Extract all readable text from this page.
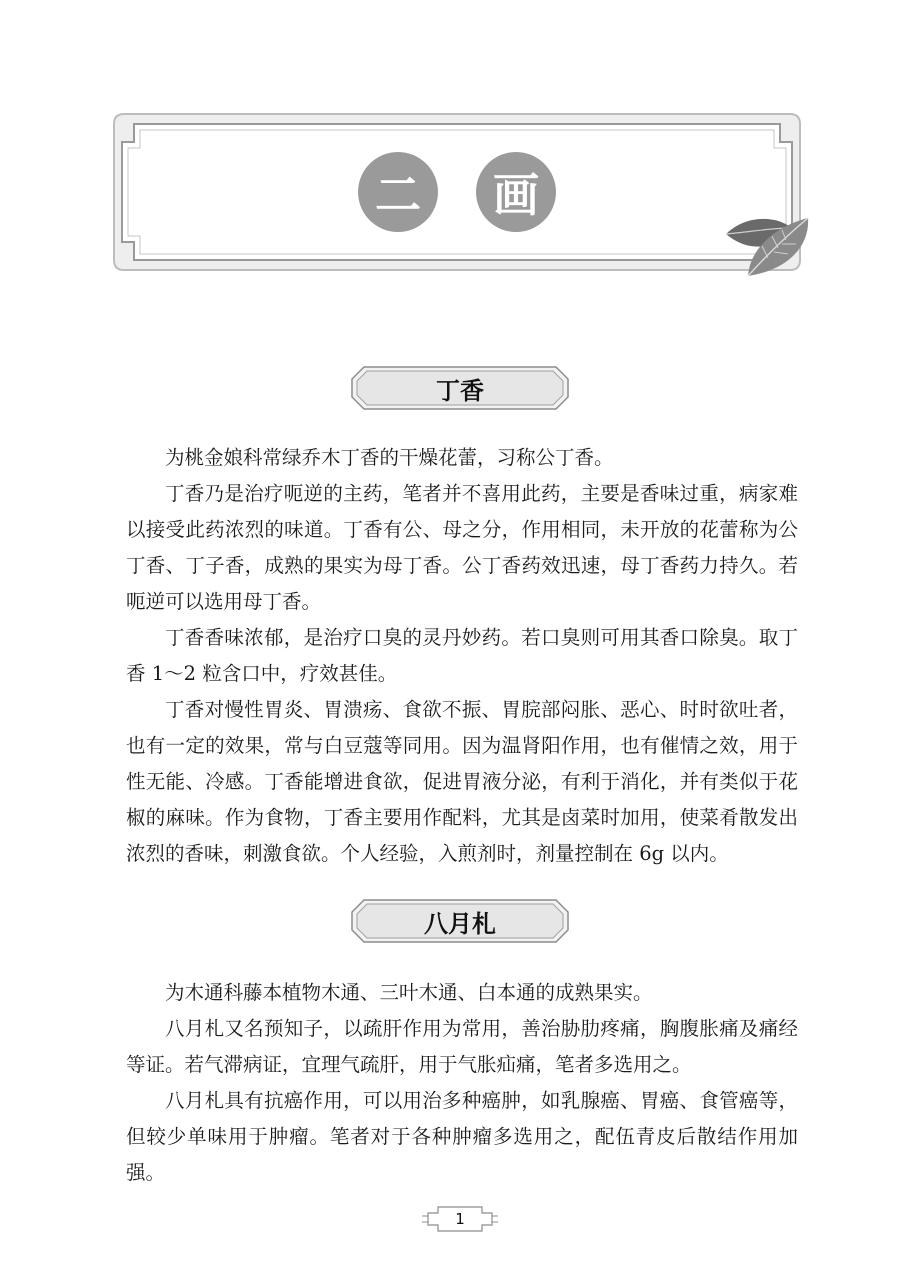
二	画
丁香

为桃金娘科常绿乔木丁香的干燥花蕾，习称公丁香。

丁香乃是治疗呃逆的主药，笔者并不喜用此药，主要是香味过重，病家难以接受此药浓烈的味道。丁香有公、母之分，作用相同，未开放的花蕾称为公丁香、丁子香，成熟的果实为母丁香。公丁香药效迅速，母丁香药力持久。若呃逆可以选用母丁香。

丁香香味浓郁，是治疗口臭的灵丹妙药。若口臭则可用其香口除臭。取丁香 1～2 粒含口中，疗效甚佳。

丁香对慢性胃炎、胃溃疡、食欲不振、胃脘部闷胀、恶心、时时欲吐者，也有一定的效果，常与白豆蔻等同用。因为温肾阳作用，也有催情之效，用于性无能、冷感。丁香能增进食欲，促进胃液分泌，有利于消化，并有类似于花椒的麻味。作为食物，丁香主要用作配料，尤其是卤菜时加用，使菜肴散发出浓烈的香味，刺激食欲。个人经验，入煎剂时，剂量控制在 6g 以内。

八月札

为木通科藤本植物木通、三叶木通、白本通的成熟果实。

八月札又名预知子，以疏肝作用为常用，善治胁肋疼痛，胸腹胀痛及痛经等证。若气滞病证，宜理气疏肝，用于气胀疝痛，笔者多选用之。

八月札具有抗癌作用，可以用治多种癌肿，如乳腺癌、胃癌、食管癌等，但较少单味用于肿瘤。笔者对于各种肿瘤多选用之，配伍青皮后散结作用加强。

1
